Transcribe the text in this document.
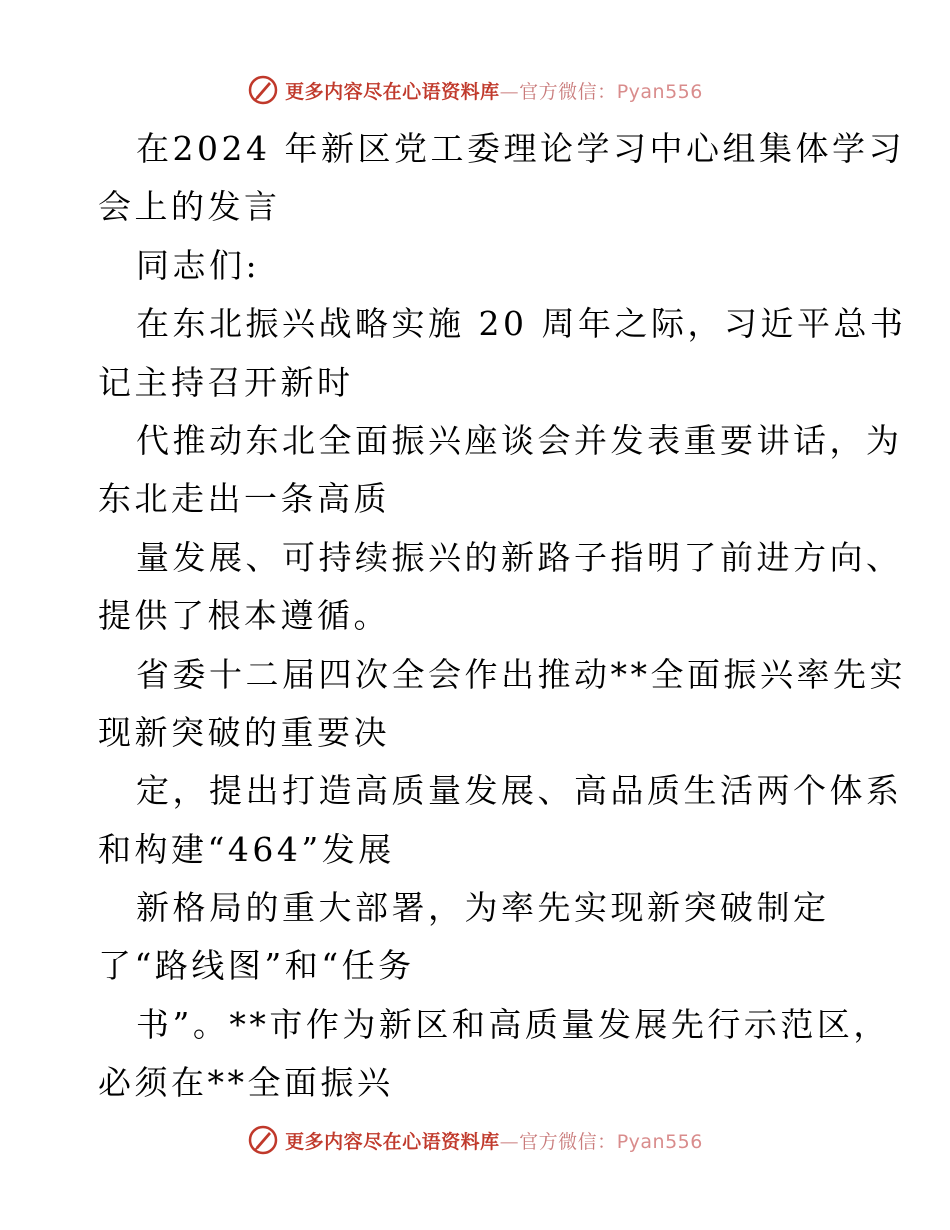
更多内容尽在心语资料库—官方微信：Pyan556
在2024 年新区党工委理论学习中心组集体学习
会上的发言
同志们:
在东北振兴战略实施 20 周年之际，习近平总书
记主持召开新时
代推动东北全面振兴座谈会并发表重要讲话，为
东北走出一条高质
量发展、可持续振兴的新路子指明了前进方向、
提供了根本遵循。
省委十二届四次全会作出推动**全面振兴率先实
现新突破的重要决
定，提出打造高质量发展、高品质生活两个体系
和构建“464”发展
新格局的重大部署，为率先实现新突破制定
了“路线图”和“任务
书”。**市作为新区和高质量发展先行示范区，
必须在**全面振兴
更多内容尽在心语资料库—官方微信：Pyan556
